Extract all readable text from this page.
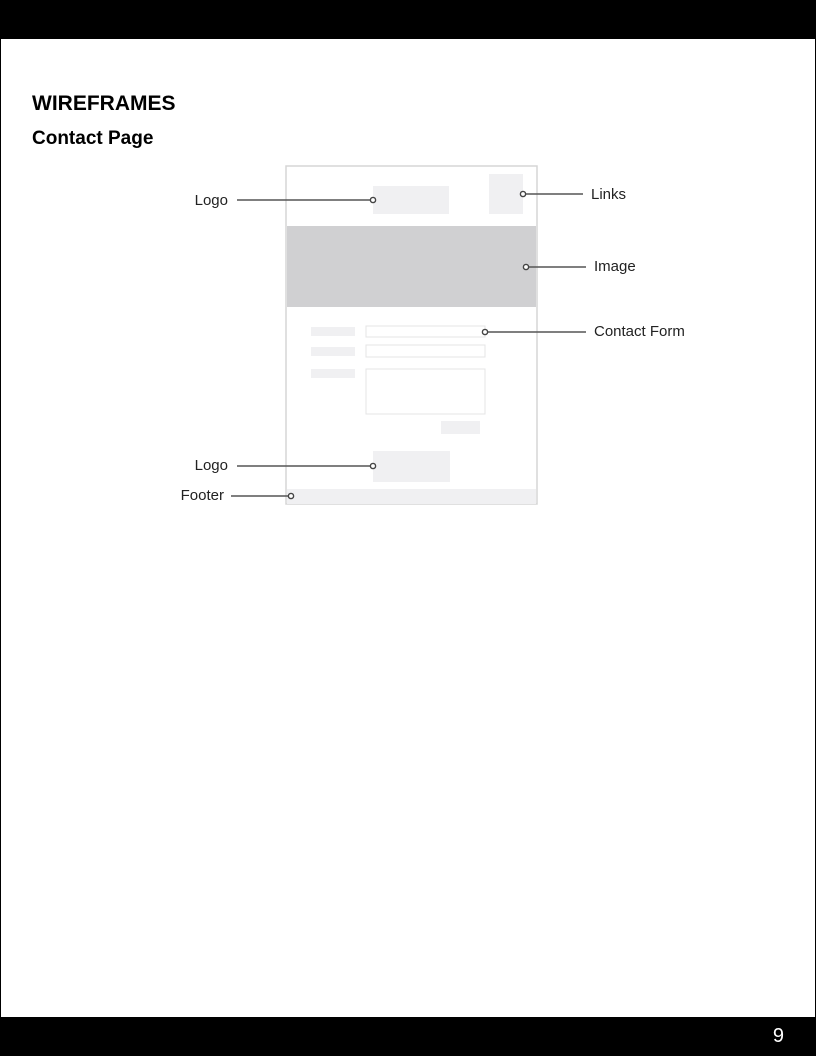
WIREFRAMES
Contact Page
Logo	Links
Image
Contact Form
Logo
Footer
9
